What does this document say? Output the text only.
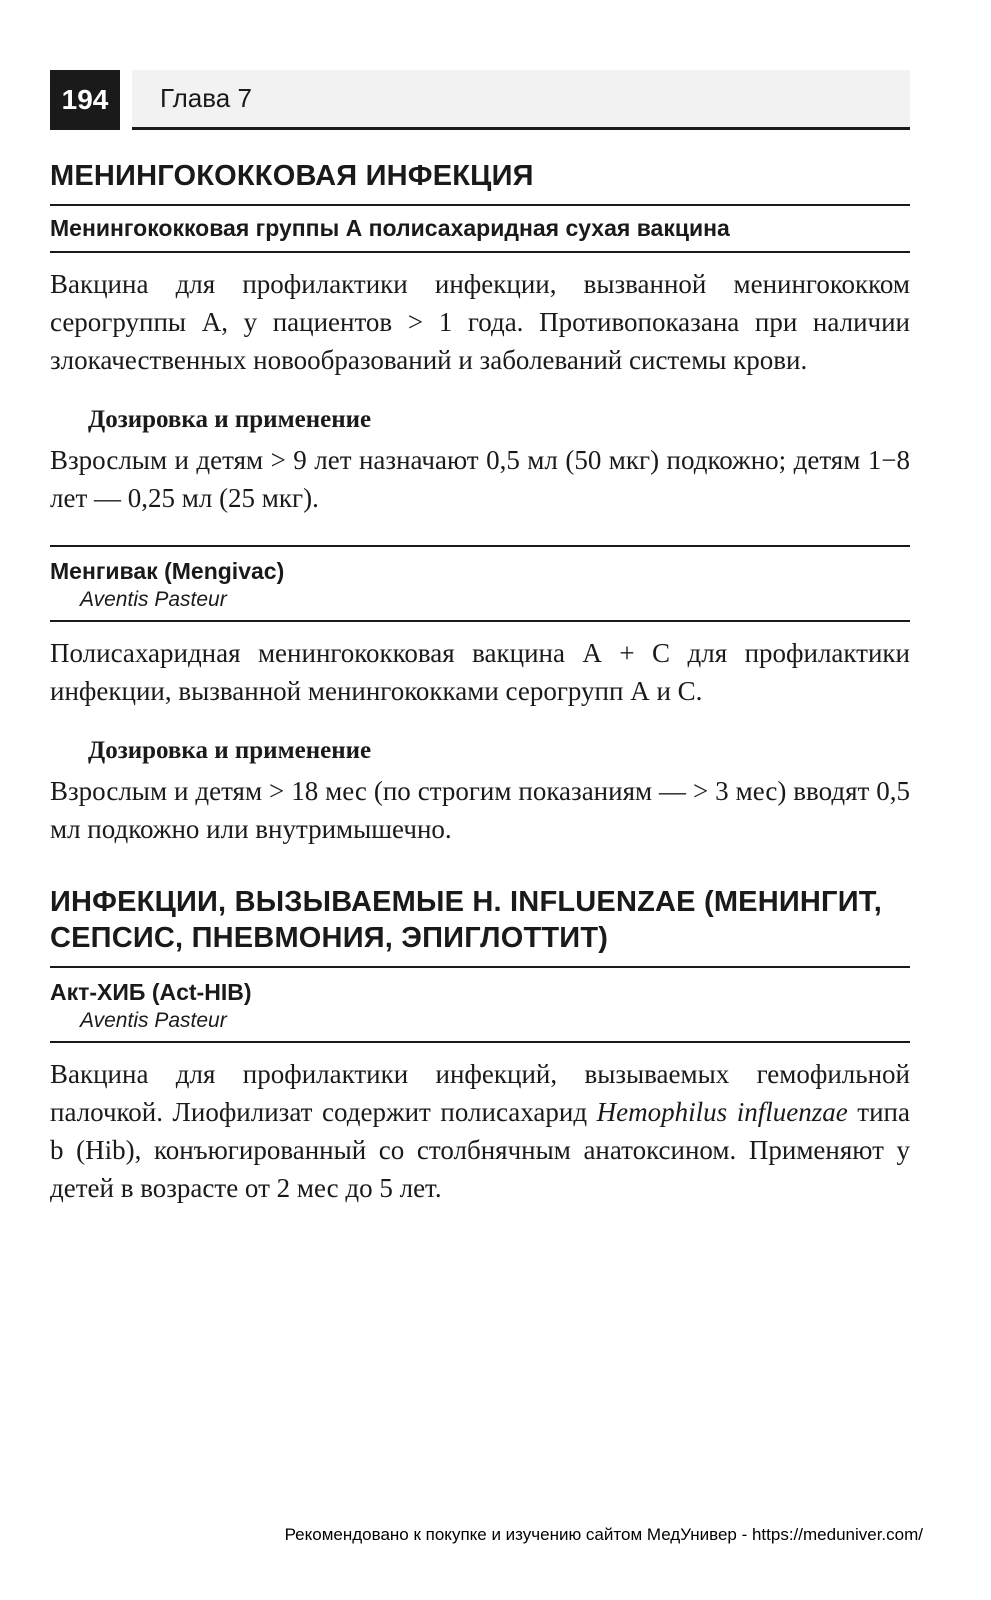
194	Глава 7
МЕНИНГОКОККОВАЯ ИНФЕКЦИЯ
Менингококковая группы А полисахаридная сухая вакцина

Вакцина для профилактики инфекции, вызванной менингококком серогруппы А, у пациентов > 1 года. Противопоказана при наличии злокачественных новообразований и заболеваний системы крови.

Дозировка и применение

Взрослым и детям > 9 лет назначают 0,5 мл (50 мкг) подкожно; детям 1−8 лет — 0,25 мл (25 мкг).

Менгивак (Mengivac)
Aventis Pasteur

Полисахаридная менингококковая вакцина А + С для профилактики инфекции, вызванной менингококками серогрупп А и С.

Дозировка и применение

Взрослым и детям > 18 мес (по строгим показаниям — > 3 мес) вводят 0,5 мл подкожно или внутримышечно.

ИНФЕКЦИИ, ВЫЗЫВАЕМЫЕ H. INFLUENZAE (МЕНИНГИТ, СЕПСИС, ПНЕВМОНИЯ, ЭПИГЛОТТИТ)
Акт-ХИБ (Act-HIB)
Aventis Pasteur

Вакцина для профилактики инфекций, вызываемых гемофильной палочкой. Лиофилизат содержит полисахарид Hemophilus influenzae типа b (Hib), конъюгированный со столбнячным анатоксином. Применяют у детей в возрасте от 2 мес до 5 лет.

Рекомендовано к покупке и изучению сайтом МедУнивер - https://meduniver.com/
